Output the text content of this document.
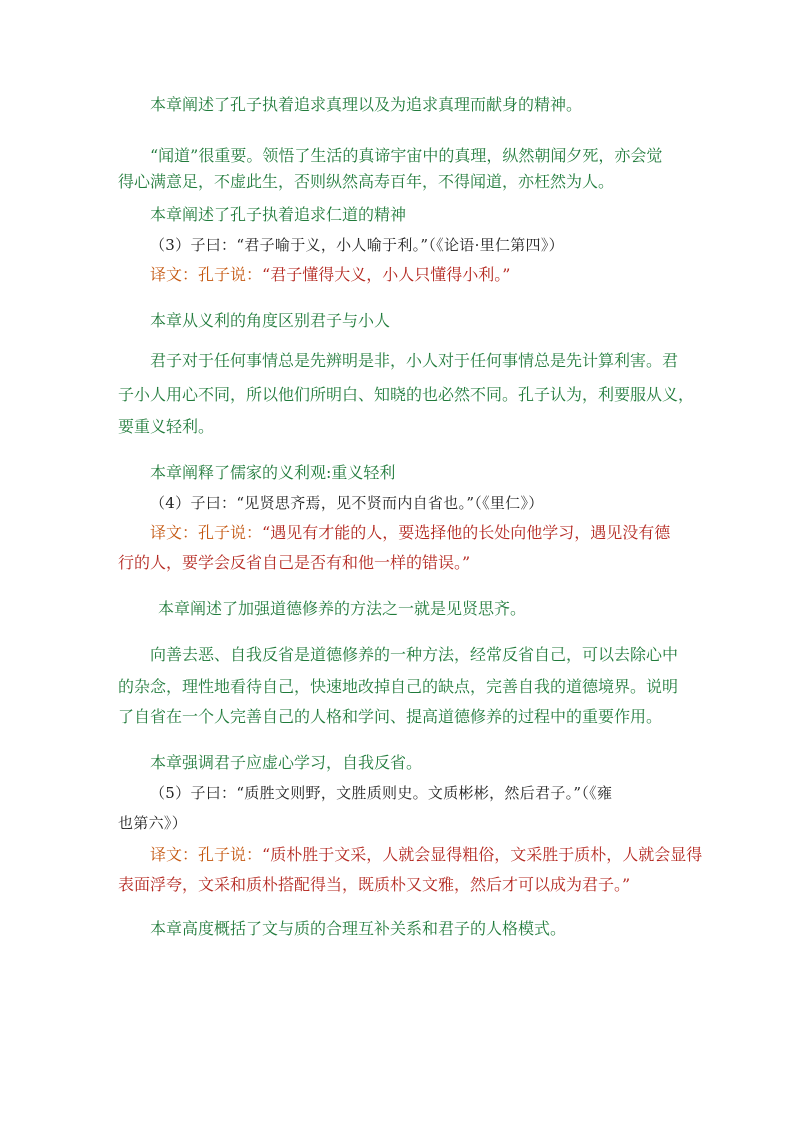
本章阐述了孔子执着追求真理以及为追求真理而献身的精神。
“闻道”很重要。领悟了生活的真谛宇宙中的真理，纵然朝闻夕死，亦会觉
得心满意足，不虚此生，否则纵然高寿百年，不得闻道，亦枉然为人。
本章阐述了孔子执着追求仁道的精神
（3）子曰：“君子喻于义，小人喻于利。”（《论语·里仁第四》）
译文：孔子说：“君子懂得大义，小人只懂得小利。”
本章从义利的角度区别君子与小人
君子对于任何事情总是先辨明是非，小人对于任何事情总是先计算利害。君
子小人用心不同，所以他们所明白、知晓的也必然不同。孔子认为，利要服从义，
要重义轻利。
本章阐释了儒家的义利观:重义轻利
（4）子曰：“见贤思齐焉，见不贤而内自省也。”（《里仁》）
译文：孔子说：“遇见有才能的人，要选择他的长处向他学习，遇见没有德
行的人，要学会反省自己是否有和他一样的错误。”
本章阐述了加强道德修养的方法之一就是见贤思齐。
向善去恶、自我反省是道德修养的一种方法，经常反省自己，可以去除心中
的杂念，理性地看待自己，快速地改掉自己的缺点，完善自我的道德境界。说明
了自省在一个人完善自己的人格和学问、提高道德修养的过程中的重要作用。
本章强调君子应虚心学习，自我反省。
（5）子曰：“质胜文则野，文胜质则史。文质彬彬，然后君子。”（《雍
也第六》）
译文：孔子说：“质朴胜于文采，人就会显得粗俗，文采胜于质朴，人就会显得
表面浮夸，文采和质朴搭配得当，既质朴又文雅，然后才可以成为君子。”
本章高度概括了文与质的合理互补关系和君子的人格模式。
